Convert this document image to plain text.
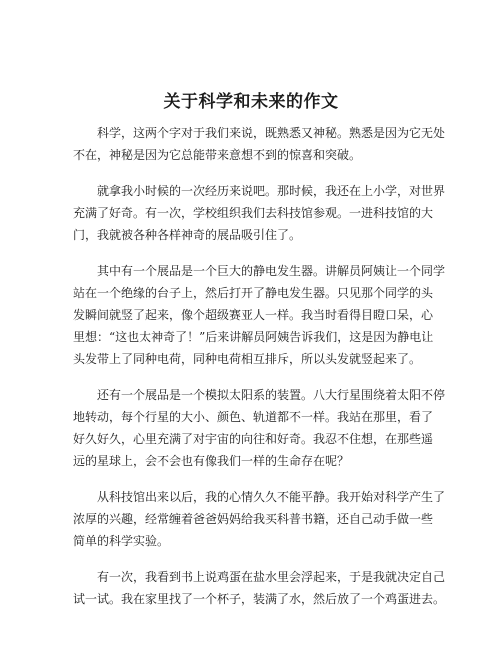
关于科学和未来的作文
　　科学，这两个字对于我们来说，既熟悉又神秘。熟悉是因为它无处
不在，神秘是因为它总能带来意想不到的惊喜和突破。
　　就拿我小时候的一次经历来说吧。那时候，我还在上小学，对世界
充满了好奇。有一次，学校组织我们去科技馆参观。一进科技馆的大
门，我就被各种各样神奇的展品吸引住了。
　　其中有一个展品是一个巨大的静电发生器。讲解员阿姨让一个同学
站在一个绝缘的台子上，然后打开了静电发生器。只见那个同学的头
发瞬间就竖了起来，像个超级赛亚人一样。我当时看得目瞪口呆，心
里想：“这也太神奇了！”后来讲解员阿姨告诉我们，这是因为静电让
头发带上了同种电荷，同种电荷相互排斥，所以头发就竖起来了。
　　还有一个展品是一个模拟太阳系的装置。八大行星围绕着太阳不停
地转动，每个行星的大小、颜色、轨道都不一样。我站在那里，看了
好久好久，心里充满了对宇宙的向往和好奇。我忍不住想，在那些遥
远的星球上，会不会也有像我们一样的生命存在呢？
　　从科技馆出来以后，我的心情久久不能平静。我开始对科学产生了
浓厚的兴趣，经常缠着爸爸妈妈给我买科普书籍，还自己动手做一些
简单的科学实验。
　　有一次，我看到书上说鸡蛋在盐水里会浮起来，于是我就决定自己
试一试。我在家里找了一个杯子，装满了水，然后放了一个鸡蛋进去。
